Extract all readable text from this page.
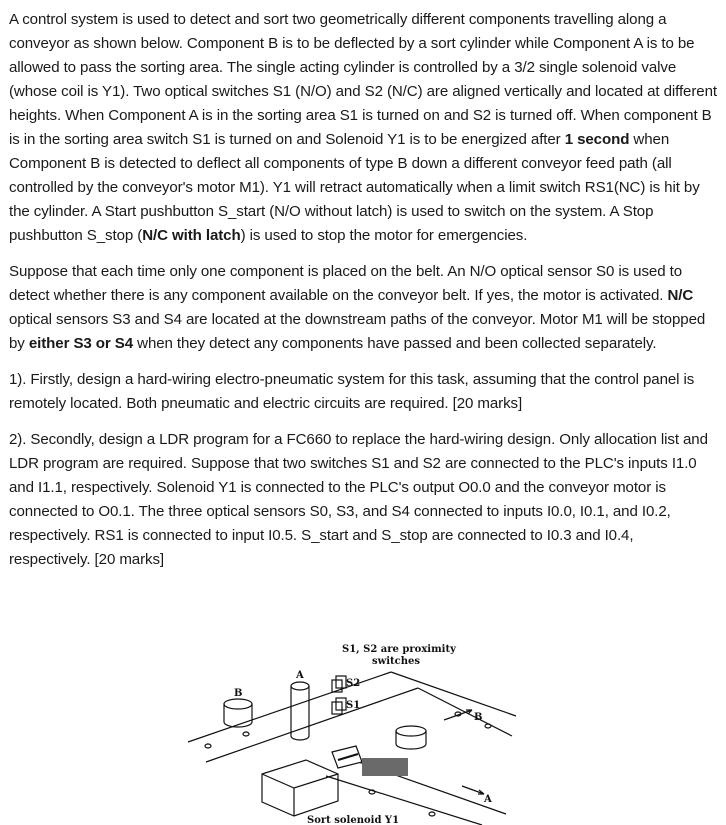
A control system is used to detect and sort two geometrically different components travelling along a conveyor as shown below. Component B is to be deflected by a sort cylinder while Component A is to be allowed to pass the sorting area. The single acting cylinder is controlled by a 3/2 single solenoid valve (whose coil is Y1). Two optical switches S1 (N/O) and S2 (N/C) are aligned vertically and located at different heights. When Component A is in the sorting area S1 is turned on and S2 is turned off. When component B is in the sorting area switch S1 is turned on and Solenoid Y1 is to be energized after 1 second when Component B is detected to deflect all components of type B down a different conveyor feed path (all controlled by the conveyor's motor M1). Y1 will retract automatically when a limit switch RS1(NC) is hit by the cylinder. A Start pushbutton S_start (N/O without latch) is used to switch on the system. A Stop pushbutton S_stop (N/C with latch) is used to stop the motor for emergencies.

Suppose that each time only one component is placed on the belt. An N/O optical sensor S0 is used to detect whether there is any component available on the conveyor belt. If yes, the motor is activated. N/C optical sensors S3 and S4 are located at the downstream paths of the conveyor. Motor M1 will be stopped by either S3 or S4 when they detect any components have passed and been collected separately.

1). Firstly, design a hard-wiring electro-pneumatic system for this task, assuming that the control panel is remotely located. Both pneumatic and electric circuits are required. [20 marks]

2). Secondly, design a LDR program for a FC660 to replace the hard-wiring design. Only allocation list and LDR program are required. Suppose that two switches S1 and S2 are connected to the PLC's inputs I1.0 and I1.1, respectively. Solenoid Y1 is connected to the PLC's output O0.0 and the conveyor motor is connected to O0.1. The three optical sensors S0, S3, and S4 connected to inputs I0.0, I0.1, and I0.2, respectively. RS1 is connected to input I0.5. S_start and S_stop are connected to I0.3 and I0.4, respectively. [20 marks]

S1, S2 are proximity
switches
A
B
S2
S1
B
A
Sort solenoid Y1
